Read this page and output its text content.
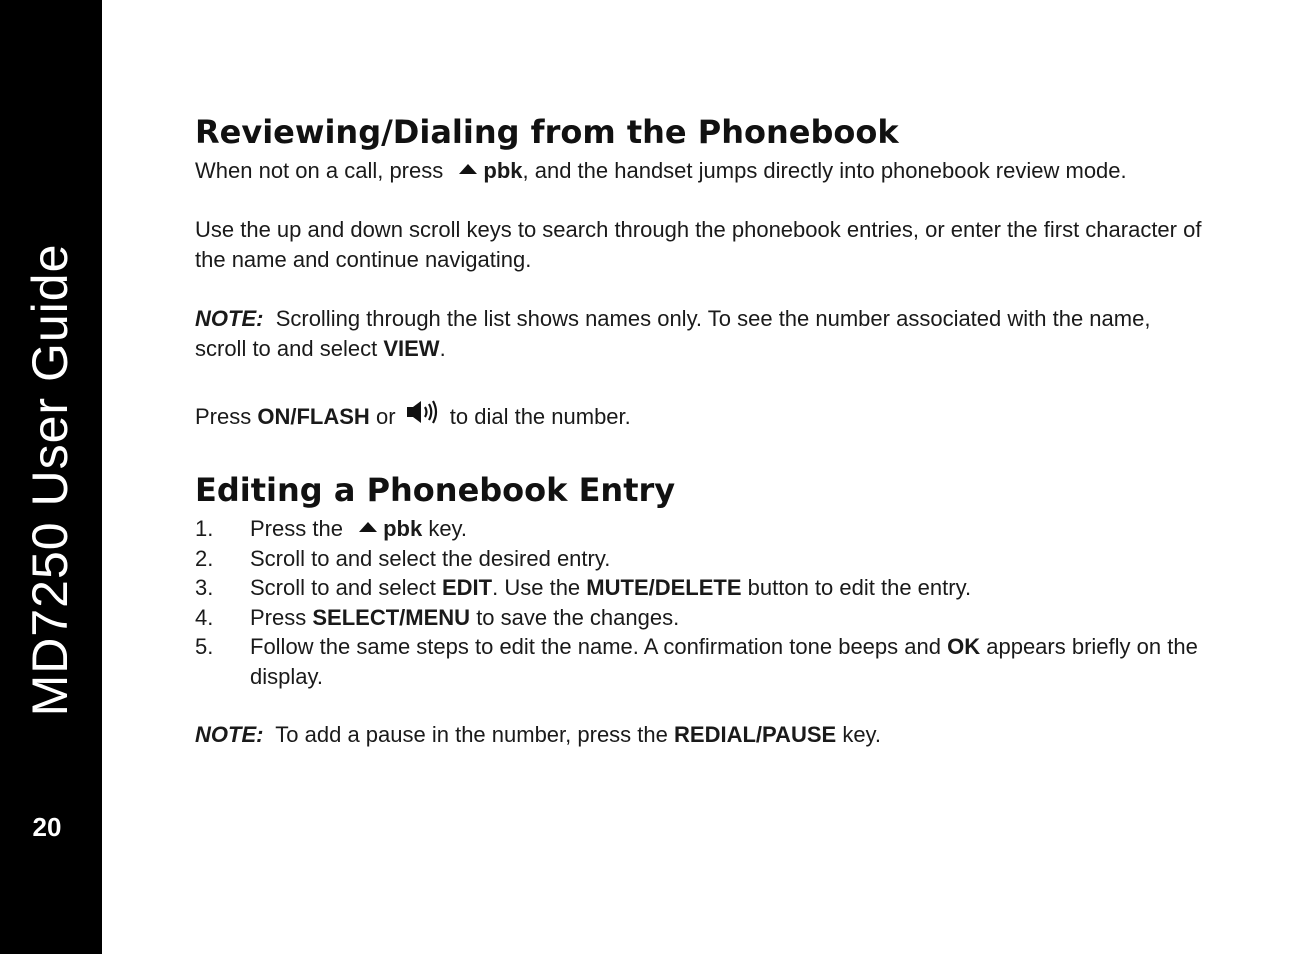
MD7250 User Guide
20
Reviewing/Dialing from the Phonebook

When not on a call, press pbk, and the handset jumps directly into phonebook review mode.

Use the up and down scroll keys to search through the phonebook entries, or enter the first character of the name and continue navigating.

NOTE: Scrolling through the list shows names only. To see the number associated with the name, scroll to and select VIEW.

Press ON/FLASH or to dial the number.

Editing a Phonebook Entry
1. Press the pbk key.
2. Scroll to and select the desired entry.
3. Scroll to and select EDIT. Use the MUTE/DELETE button to edit the entry.
4. Press SELECT/MENU to save the changes.
5. Follow the same steps to edit the name. A confirmation tone beeps and OK appears briefly on the display.

NOTE: To add a pause in the number, press the REDIAL/PAUSE key.
